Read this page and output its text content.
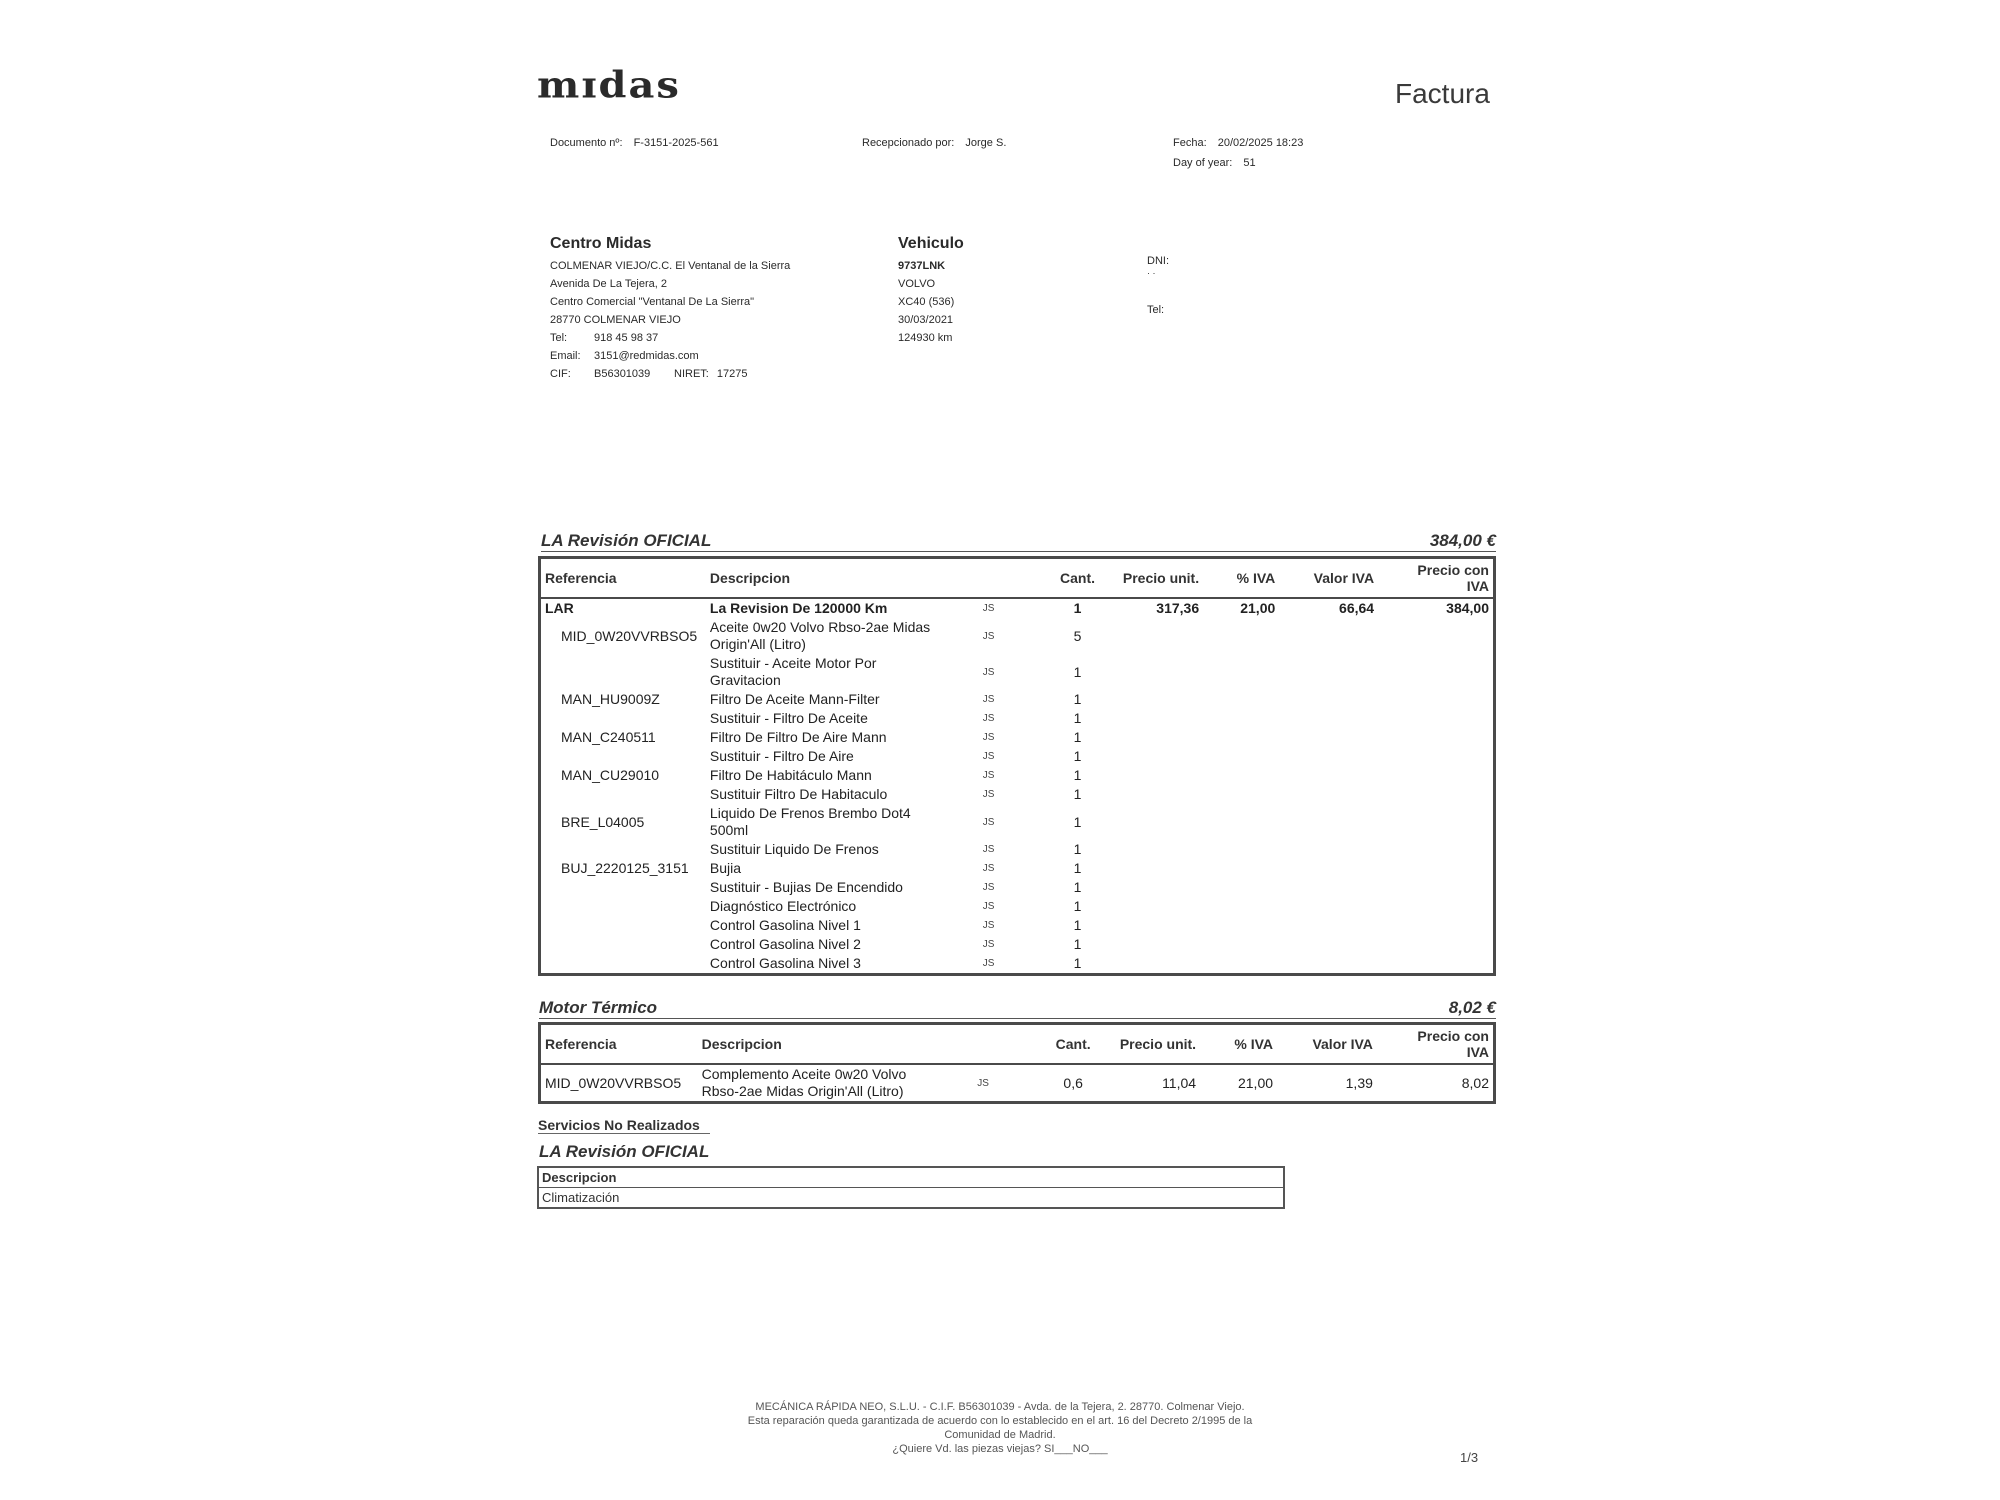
mɪdas	Factura
Documento nº: F-3151-2025-561	Recepcionado por: Jorge S.	Fecha: 20/02/2025 18:23
Day of year: 51
Centro Midas
COLMENAR VIEJO/C.C. El Ventanal de la Sierra
Avenida De La Tejera, 2
Centro Comercial "Ventanal De La Sierra"
28770 COLMENAR VIEJO
Tel: 918 45 98 37
Email: 3151@redmidas.com
CIF: B56301039 NIRET: 17275
Vehiculo
9737LNK
VOLVO
XC40 (536)
30/03/2021
124930 km
DNI:
· ·
Tel:
LA Revisión OFICIAL	384,00 €
Referencia	Descripcion		Cant.	Precio unit.	% IVA	Valor IVA	Precio con
IVA
LAR	La Revision De 120000 Km	JS	1	317,36	21,00	66,64	384,00
MID_0W20VVRBSO5	Aceite 0w20 Volvo Rbso-2ae Midas
Origin'All (Litro)	JS	5				
	Sustituir - Aceite Motor Por
Gravitacion	JS	1				
MAN_HU9009Z	Filtro De Aceite Mann-Filter	JS	1				
	Sustituir - Filtro De Aceite	JS	1				
MAN_C240511	Filtro De Filtro De Aire Mann	JS	1				
	Sustituir - Filtro De Aire	JS	1				
MAN_CU29010	Filtro De Habitáculo Mann	JS	1				
	Sustituir Filtro De Habitaculo	JS	1				
BRE_L04005	Liquido De Frenos Brembo Dot4
500ml	JS	1				
	Sustituir Liquido De Frenos	JS	1				
BUJ_2220125_3151	Bujia	JS	1				
	Sustituir - Bujias De Encendido	JS	1				
	Diagnóstico Electrónico	JS	1				
	Control Gasolina Nivel 1	JS	1				
	Control Gasolina Nivel 2	JS	1				
	Control Gasolina Nivel 3	JS	1				
Motor Térmico	8,02 €
Referencia	Descripcion		Cant.	Precio unit.	% IVA	Valor IVA	Precio con
IVA
MID_0W20VVRBSO5	Complemento Aceite 0w20 Volvo
Rbso-2ae Midas Origin'All (Litro)	JS	0,6	11,04	21,00	1,39	8,02
Servicios No Realizados
LA Revisión OFICIAL
Descripcion
Climatización
MECÁNICA RÁPIDA NEO, S.L.U. - C.I.F. B56301039 - Avda. de la Tejera, 2. 28770. Colmenar Viejo.
Esta reparación queda garantizada de acuerdo con lo establecido en el art. 16 del Decreto 2/1995 de la
Comunidad de Madrid.
¿Quiere Vd. las piezas viejas? SI___NO___
1/3
